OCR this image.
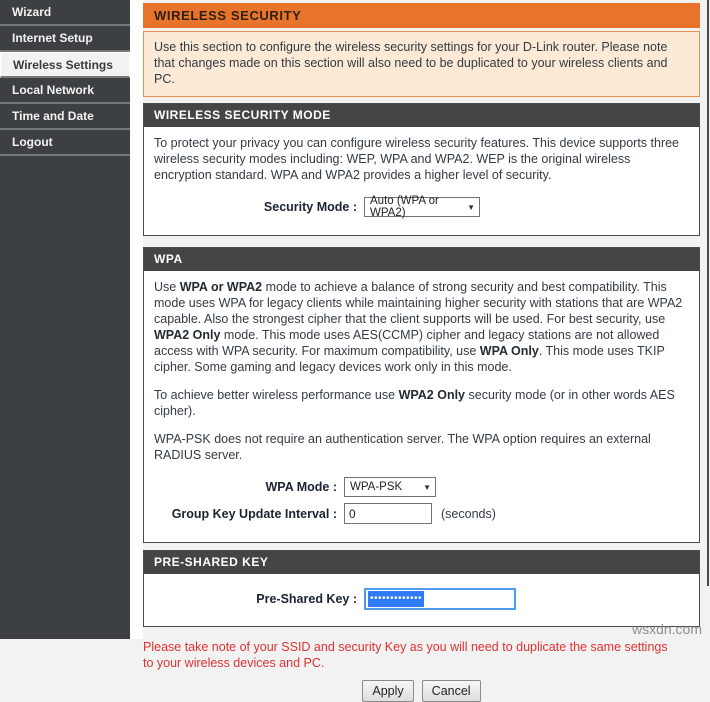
Wizard
Internet Setup
Wireless Settings
Local Network
Time and Date
Logout
WIRELESS SECURITY
Use this section to configure the wireless security settings for your D-Link router. Please note that changes made on this section will also need to be duplicated to your wireless clients and PC.
WIRELESS SECURITY MODE

To protect your privacy you can configure wireless security features. This device supports three wireless security modes including: WEP, WPA and WPA2. WEP is the original wireless encryption standard. WPA and WPA2 provides a higher level of security.

Security Mode :	Auto (WPA or WPA2)	▼
WPA

Use WPA or WPA2 mode to achieve a balance of strong security and best compatibility. This mode uses WPA for legacy clients while maintaining higher security with stations that are WPA2 capable. Also the strongest cipher that the client supports will be used. For best security, use WPA2 Only mode. This mode uses AES(CCMP) cipher and legacy stations are not allowed access with WPA security. For maximum compatibility, use WPA Only. This mode uses TKIP cipher. Some gaming and legacy devices work only in this mode.

To achieve better wireless performance use WPA2 Only security mode (or in other words AES cipher).

WPA-PSK does not require an authentication server. The WPA option requires an external RADIUS server.

WPA Mode :	WPA-PSK	▼
Group Key Update Interval :
0	(seconds)
PRE-SHARED KEY
Pre-Shared Key :	•••••••••••••
Please take note of your SSID and security Key as you will need to duplicate the same settings to your wireless devices and PC.
Apply	Cancel
wsxdn.com
